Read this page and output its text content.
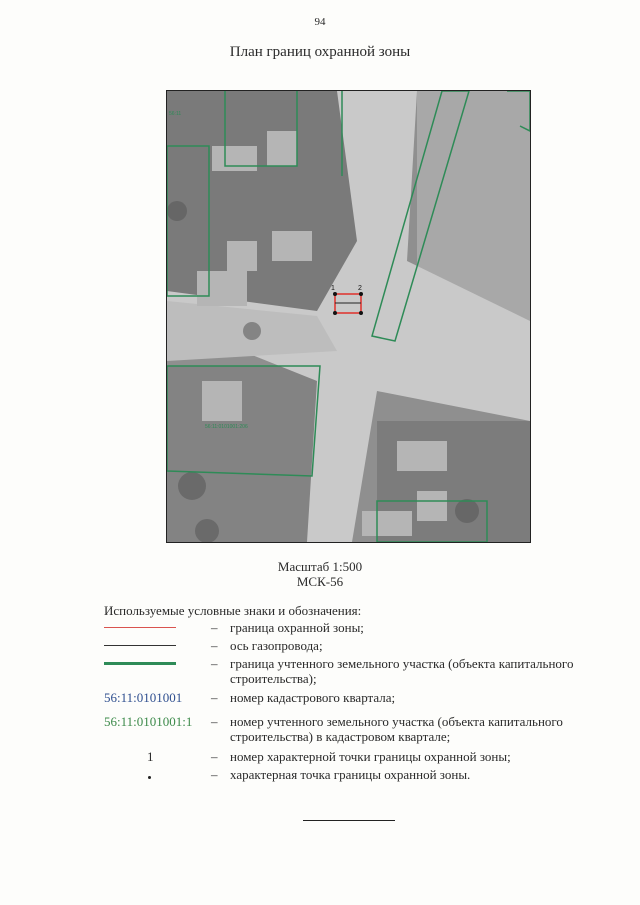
94
План границ охранной зоны
1	2
56:11
56:11:0101001:206
Масштаб 1:500
МСК-56
Используемые условные знаки и обозначения:
– граница охранной зоны;
– ось газопровода;
– граница учтенного земельного участка (объекта капитального строительства);
56:11:0101001 – номер кадастрового квартала;
56:11:0101001:1	– номер учтенного земельного участка (объекта капитального строительства) в кадастровом квартале;
1	– номер характерной точки границы охранной зоны;
– характерная точка границы охранной зоны.
